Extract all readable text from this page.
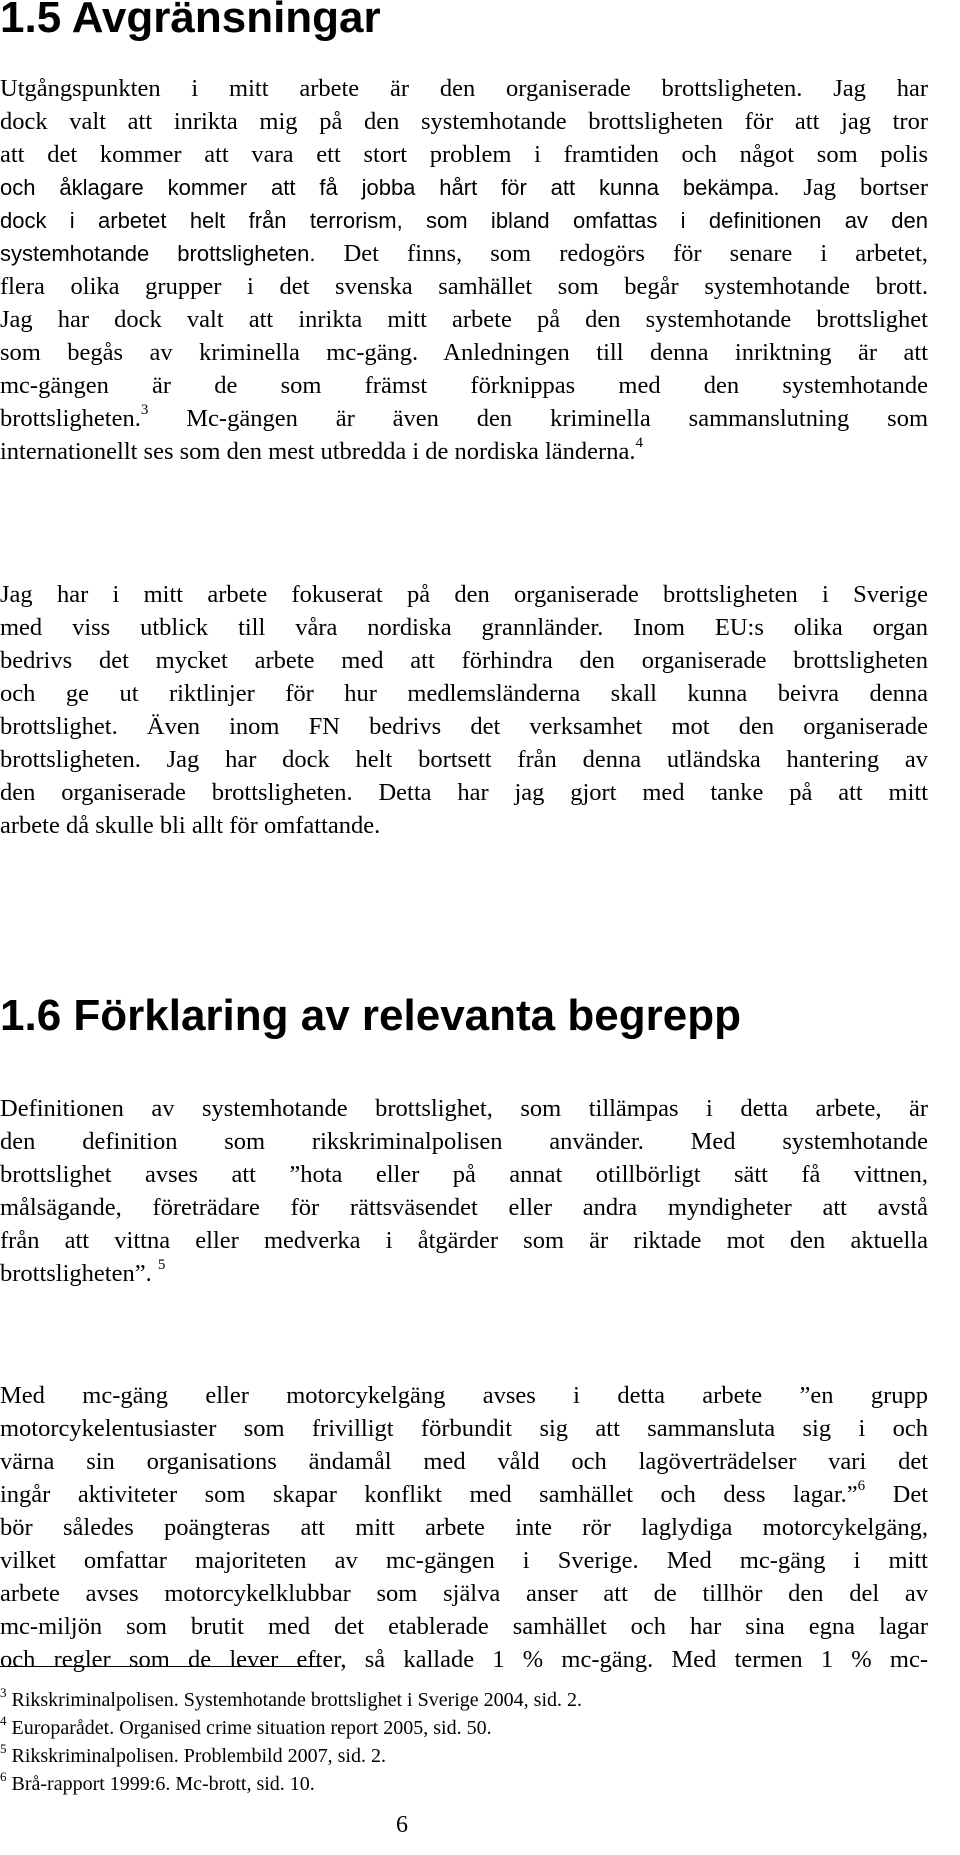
1.5 Avgränsningar
Utgångspunkten i mitt arbete är den organiserade brottsligheten. Jag har
dock valt att inrikta mig på den systemhotande brottsligheten för att jag tror
att det kommer att vara ett stort problem i framtiden och något som polis
och åklagare kommer att få jobba hårt för att kunna bekämpa. Jag bortser
dock i arbetet helt från terrorism, som ibland omfattas i definitionen av den
systemhotande brottsligheten. Det finns, som redogörs för senare i arbetet,
flera olika grupper i det svenska samhället som begår systemhotande brott.
Jag har dock valt att inrikta mitt arbete på den systemhotande brottslighet
som begås av kriminella mc-gäng. Anledningen till denna inriktning är att
mc-gängen är de som främst förknippas med den systemhotande
brottsligheten.$^3$ Mc-gängen är även den kriminella sammanslutning som
internationellt ses som den mest utbredda i de nordiska länderna.$^4$
Jag har i mitt arbete fokuserat på den organiserade brottsligheten i Sverige
med viss utblick till våra nordiska grannländer. Inom EU:s olika organ
bedrivs det mycket arbete med att förhindra den organiserade brottsligheten
och ge ut riktlinjer för hur medlemsländerna skall kunna beivra denna
brottslighet. Även inom FN bedrivs det verksamhet mot den organiserade
brottsligheten. Jag har dock helt bortsett från denna utländska hantering av
den organiserade brottsligheten. Detta har jag gjort med tanke på att mitt
arbete då skulle bli allt för omfattande.
1.6 Förklaring av relevanta begrepp
Definitionen av systemhotande brottslighet, som tillämpas i detta arbete, är
den definition som rikskriminalpolisen använder. Med systemhotande
brottslighet avses att ”hota eller på annat otillbörligt sätt få vittnen,
målsägande, företrädare för rättsväsendet eller andra myndigheter att avstå
från att vittna eller medverka i åtgärder som är riktade mot den aktuella
brottsligheten”. $^5$
Med mc-gäng eller motorcykelgäng avses i detta arbete ”en grupp
motorcykelentusiaster som frivilligt förbundit sig att sammansluta sig i och
värna sin organisations ändamål med våld och lagöverträdelser vari det
ingår aktiviteter som skapar konflikt med samhället och dess lagar.”$^6$ Det
bör således poängteras att mitt arbete inte rör laglydiga motorcykelgäng,
vilket omfattar majoriteten av mc-gängen i Sverige. Med mc-gäng i mitt
arbete avses motorcykelklubbar som själva anser att de tillhör den del av
mc-miljön som brutit med det etablerade samhället och har sina egna lagar
och regler som de lever efter, så kallade 1 % mc-gäng. Med termen 1 % mc-

$^3$ Rikskriminalpolisen. Systemhotande brottslighet i Sverige 2004, sid. 2.

$^4$ Europarådet. Organised crime situation report 2005, sid. 50.

$^5$ Rikskriminalpolisen. Problembild 2007, sid. 2.

$^6$ Brå-rapport 1999:6. Mc-brott, sid. 10.

6
